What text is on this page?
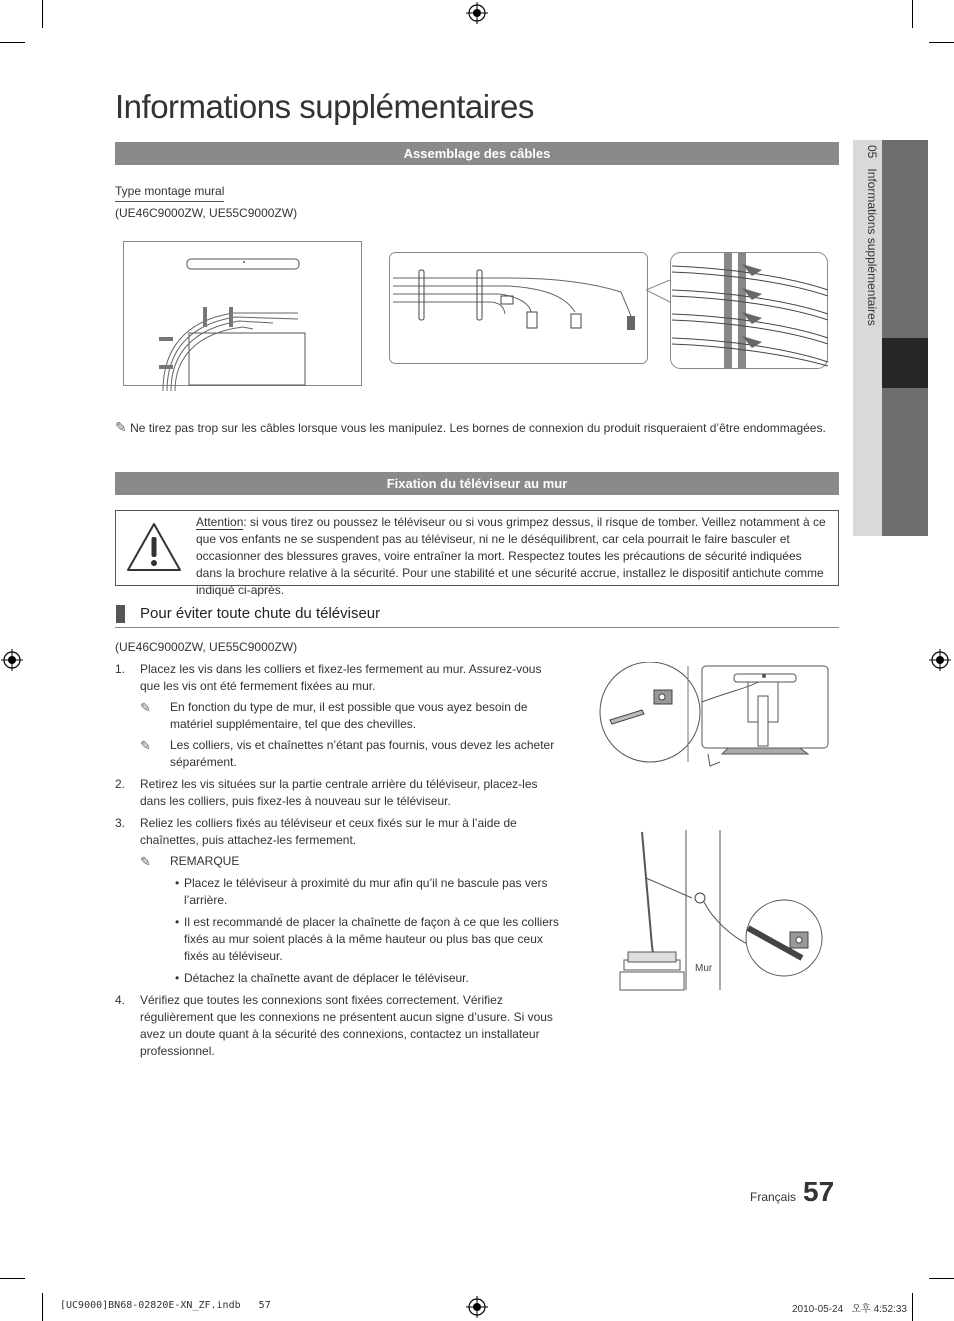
Informations supplémentaires
05   Informations supplémentaires
Assemblage des câbles
Type montage mural
(UE46C9000ZW, UE55C9000ZW)
✎ Ne tirez pas trop sur les câbles lorsque vous les manipulez. Les bornes de connexion du produit risqueraient d’être endommagées.
Fixation du téléviseur au mur
Attention: si vous tirez ou poussez le téléviseur ou si vous grimpez dessus, il risque de tomber. Veillez notamment à ce que vos enfants ne se suspendent pas au téléviseur, ni ne le déséquilibrent, car cela pourrait le faire basculer et occasionner des blessures graves, voire entraîner la mort. Respectez toutes les précautions de sécurité indiquées dans la brochure relative à la sécurité. Pour une stabilité et une sécurité accrue, installez le dispositif antichute comme indiqué ci-après.
Pour éviter toute chute du téléviseur
(UE46C9000ZW, UE55C9000ZW)
1. Placez les vis dans les colliers et fixez-les fermement au mur. Assurez-vous que les vis ont été fermement fixées au mur.
✎ En fonction du type de mur, il est possible que vous ayez besoin de matériel supplémentaire, tel que des chevilles.
✎ Les colliers, vis et chaînettes n’étant pas fournis, vous devez les acheter séparément.
2. Retirez les vis situées sur la partie centrale arrière du téléviseur, placez-les dans les colliers, puis fixez-les à nouveau sur le téléviseur.
3. Reliez les colliers fixés au téléviseur et ceux fixés sur le mur à l’aide de chaînettes, puis attachez-les fermement.
✎ REMARQUE
• Placez le téléviseur à proximité du mur afin qu’il ne bascule pas vers l’arrière.
• Il est recommandé de placer la chaînette de façon à ce que les colliers fixés au mur soient placés à la même hauteur ou plus bas que ceux fixés au téléviseur.
• Détachez la chaînette avant de déplacer le téléviseur.
4. Vérifiez que toutes les connexions sont fixées correctement. Vérifiez régulièrement que les connexions ne présentent aucun signe d’usure. Si vous avez un doute quant à la sécurité des connexions, contactez un installateur professionnel.
Mur
Français 57
[UC9000]BN68-02820E-XN_ZF.indb   57	2010-05-24   오후 4:52:33
